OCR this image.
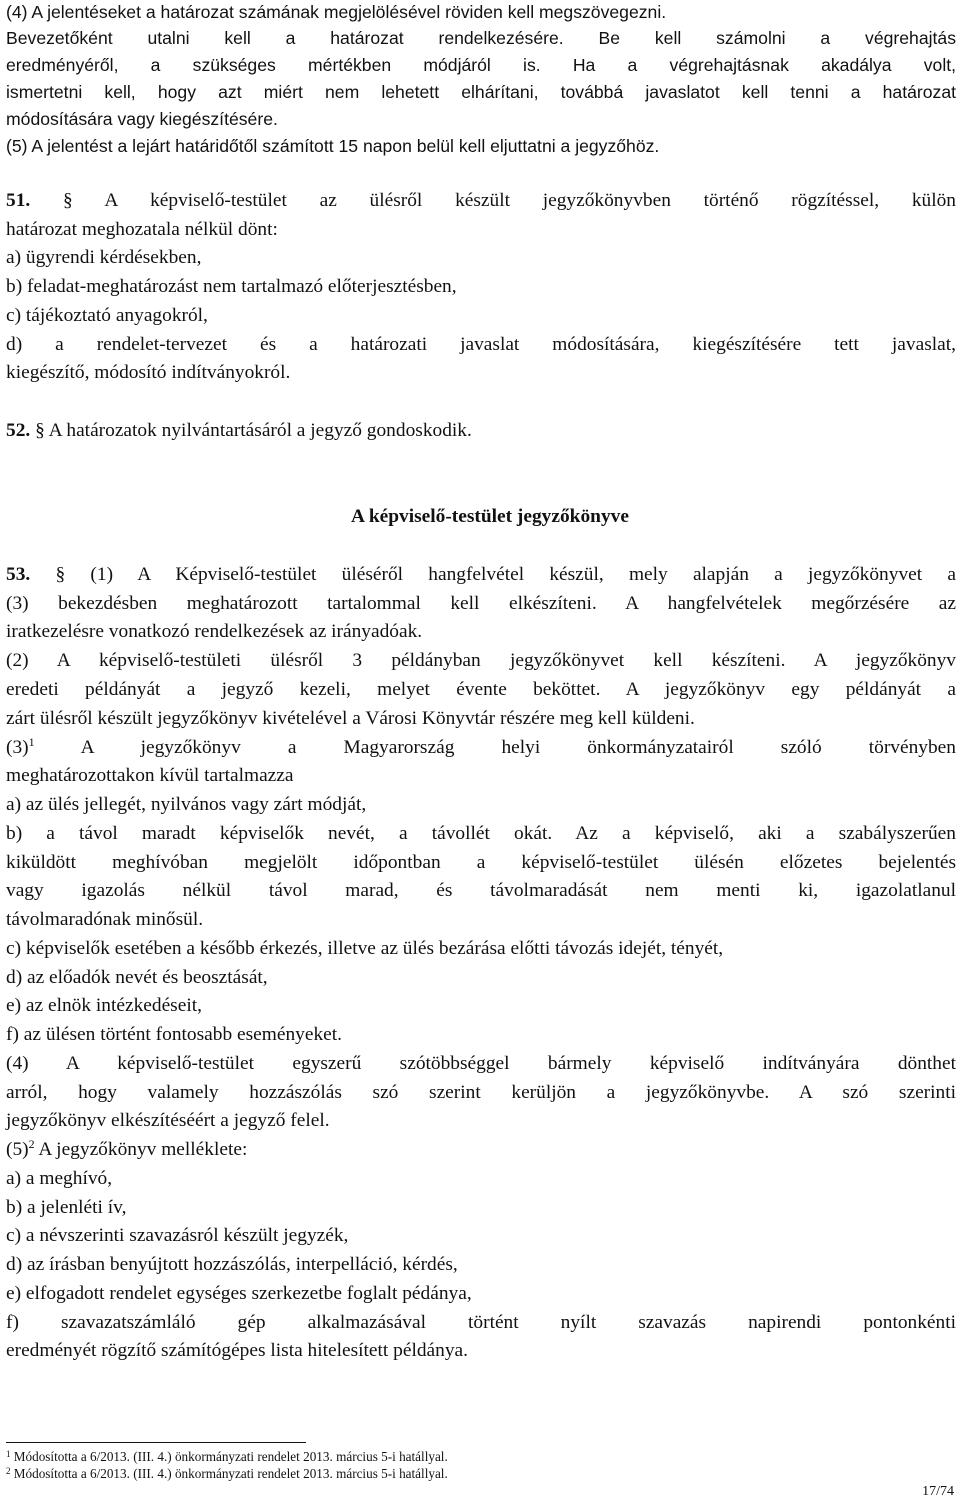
(4) A jelentéseket a határozat számának megjelölésével röviden kell megszövegezni.
Bevezetőként utalni kell a határozat rendelkezésére. Be kell számolni a végrehajtás
eredményéről, a szükséges mértékben módjáról is. Ha a végrehajtásnak akadálya volt,
ismertetni kell, hogy azt miért nem lehetett elhárítani, továbbá javaslatot kell tenni a határozat
módosítására vagy kiegészítésére.
(5) A jelentést a lejárt határidőtől számított 15 napon belül kell eljuttatni a jegyzőhöz.
51. § A képviselő-testület az ülésről készült jegyzőkönyvben történő rögzítéssel, külön
határozat meghozatala nélkül dönt:
a) ügyrendi kérdésekben,
b) feladat-meghatározást nem tartalmazó előterjesztésben,
c) tájékoztató anyagokról,
d) a rendelet-tervezet és a határozati javaslat módosítására, kiegészítésére tett javaslat,
kiegészítő, módosító indítványokról.
52. § A határozatok nyilvántartásáról a jegyző gondoskodik.
A képviselő-testület jegyzőkönyve
53. § (1) A Képviselő-testület üléséről hangfelvétel készül, mely alapján a jegyzőkönyvet a
(3) bekezdésben meghatározott tartalommal kell elkészíteni. A hangfelvételek megőrzésére az
iratkezelésre vonatkozó rendelkezések az irányadóak.
(2) A képviselő-testületi ülésről 3 példányban jegyzőkönyvet kell készíteni. A jegyzőkönyv
eredeti példányát a jegyző kezeli, melyet évente beköttet. A jegyzőkönyv egy példányát a
zárt ülésről készült jegyzőkönyv kivételével a Városi Könyvtár részére meg kell küldeni.
$(3)^1$ A jegyzőkönyv a Magyarország helyi önkormányzatairól szóló törvényben
meghatározottakon kívül tartalmazza
a) az ülés jellegét, nyilvános vagy zárt módját,
b) a távol maradt képviselők nevét, a távollét okát. Az a képviselő, aki a szabályszerűen
kiküldött meghívóban megjelölt időpontban a képviselő-testület ülésén előzetes bejelentés
vagy igazolás nélkül távol marad, és távolmaradását nem menti ki, igazolatlanul
távolmaradónak minősül.
c) képviselők esetében a később érkezés, illetve az ülés bezárása előtti távozás idejét, tényét,
d) az előadók nevét és beosztását,
e) az elnök intézkedéseit,
f) az ülésen történt fontosabb eseményeket.
(4) A képviselő-testület egyszerű szótöbbséggel bármely képviselő indítványára dönthet
arról, hogy valamely hozzászólás szó szerint kerüljön a jegyzőkönyvbe. A szó szerinti
jegyzőkönyv elkészítéséért a jegyző felel.
$(5)^2$ A jegyzőkönyv melléklete:
a) a meghívó,
b) a jelenléti ív,
c) a névszerinti szavazásról készült jegyzék,
d) az írásban benyújtott hozzászólás, interpelláció, kérdés,
e) elfogadott rendelet egységes szerkezetbe foglalt pédánya,
f) szavazatszámláló gép alkalmazásával történt nyílt szavazás napirendi pontonkénti
eredményét rögzítő számítógépes lista hitelesített példánya.
$^1$ Módosította a 6/2013. (III. 4.) önkormányzati rendelet 2013. március 5-i hatállyal.
$^2$ Módosította a 6/2013. (III. 4.) önkormányzati rendelet 2013. március 5-i hatállyal.
17/74
